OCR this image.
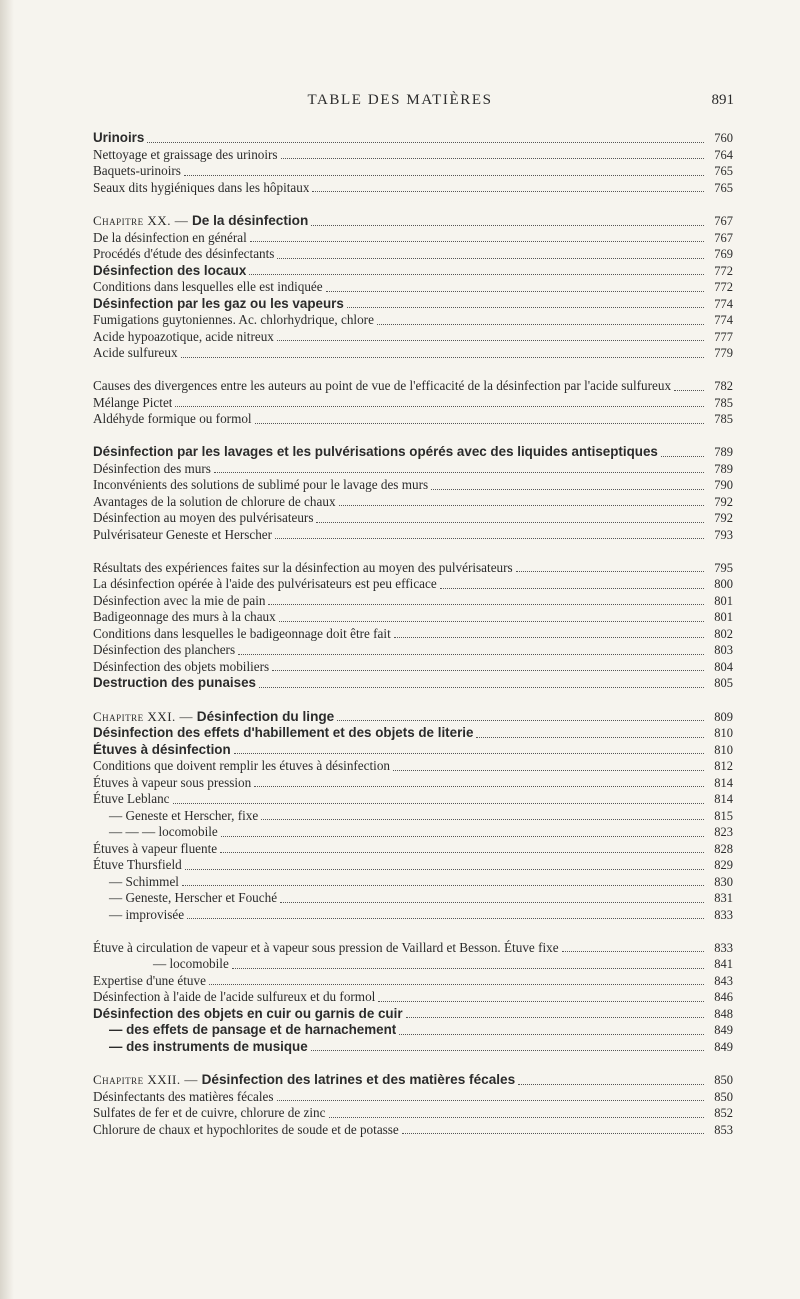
TABLE DES MATIÈRES	891
Urinoirs	760
Nettoyage et graissage des urinoirs	764
Baquets-urinoirs	765
Seaux dits hygiéniques dans les hôpitaux	765
Chapitre XX. — De la désinfection	767
De la désinfection en général	767
Procédés d'étude des désinfectants	769
Désinfection des locaux	772
Conditions dans lesquelles elle est indiquée	772
Désinfection par les gaz ou les vapeurs	774
Fumigations guytoniennes. Ac. chlorhydrique, chlore	774
Acide hypoazotique, acide nitreux	777
Acide sulfureux	779
Causes des divergences entre les auteurs au point de vue de l'efficacité de la désinfection par l'acide sulfureux	782
Mélange Pictet	785
Aldéhyde formique ou formol	785
Désinfection par les lavages et les pulvérisations opérés avec des liquides antiseptiques	789
Désinfection des murs	789
Inconvénients des solutions de sublimé pour le lavage des murs	790
Avantages de la solution de chlorure de chaux	792
Désinfection au moyen des pulvérisateurs	792
Pulvérisateur Geneste et Herscher	793
Résultats des expériences faites sur la désinfection au moyen des pulvérisateurs	795
La désinfection opérée à l'aide des pulvérisateurs est peu efficace	800
Désinfection avec la mie de pain	801
Badigeonnage des murs à la chaux	801
Conditions dans lesquelles le badigeonnage doit être fait	802
Désinfection des planchers	803
Désinfection des objets mobiliers	804
Destruction des punaises	805
Chapitre XXI. — Désinfection du linge	809
Désinfection des effets d'habillement et des objets de literie	810
Étuves à désinfection	810
Conditions que doivent remplir les étuves à désinfection	812
Étuves à vapeur sous pression	814
Étuve Leblanc	814
— Geneste et Herscher, fixe	815
— — — locomobile	823
Étuves à vapeur fluente	828
Étuve Thursfield	829
— Schimmel	830
— Geneste, Herscher et Fouché	831
— improvisée	833
Étuve à circulation de vapeur et à vapeur sous pression de Vaillard et Besson. Étuve fixe	833
— locomobile	841
Expertise d'une étuve	843
Désinfection à l'aide de l'acide sulfureux et du formol	846
Désinfection des objets en cuir ou garnis de cuir	848
— des effets de pansage et de harnachement	849
— des instruments de musique	849
Chapitre XXII. — Désinfection des latrines et des matières fécales	850
Désinfectants des matières fécales	850
Sulfates de fer et de cuivre, chlorure de zinc	852
Chlorure de chaux et hypochlorites de soude et de potasse	853
